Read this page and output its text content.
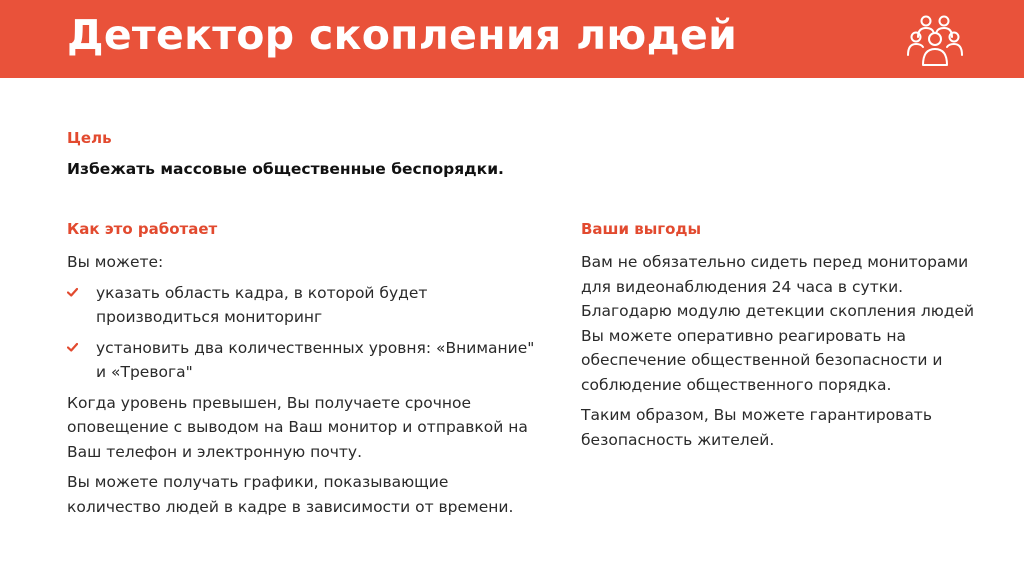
Детектор скопления людей
Цель
Избежать массовые общественные беспорядки.
Как это работает	Ваши выгоды

Вы можете:

указать область кадра, в которой будет производиться мониторинг
установить два количественных уровня: «Внимание" и «Тревога"

Когда уровень превышен, Вы получаете срочное оповещение с выводом на Ваш монитор и отправкой на Ваш телефон и электронную почту.

Вы можете получать графики, показывающие количество людей в кадре в зависимости от времени.

Вам не обязательно сидеть перед мониторами для видеонаблюдения 24 часа в сутки. Благодарю модулю детекции скопления людей Вы можете оперативно реагировать на обеспечение общественной безопасности и соблюдение общественного порядка.

Таким образом, Вы можете гарантировать безопасность жителей.
